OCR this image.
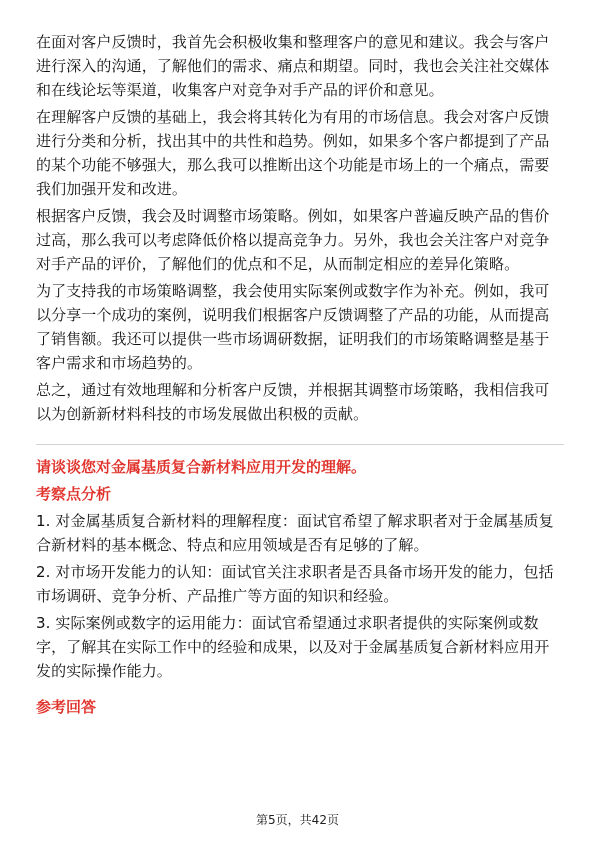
在面对客户反馈时，我首先会积极收集和整理客户的意见和建议。我会与客户进行深入的沟通，了解他们的需求、痛点和期望。同时，我也会关注社交媒体和在线论坛等渠道，收集客户对竞争对手产品的评价和意见。

在理解客户反馈的基础上，我会将其转化为有用的市场信息。我会对客户反馈进行分类和分析，找出其中的共性和趋势。例如，如果多个客户都提到了产品的某个功能不够强大，那么我可以推断出这个功能是市场上的一个痛点，需要我们加强开发和改进。

根据客户反馈，我会及时调整市场策略。例如，如果客户普遍反映产品的售价过高，那么我可以考虑降低价格以提高竞争力。另外，我也会关注客户对竞争对手产品的评价，了解他们的优点和不足，从而制定相应的差异化策略。

为了支持我的市场策略调整，我会使用实际案例或数字作为补充。例如，我可以分享一个成功的案例，说明我们根据客户反馈调整了产品的功能，从而提高了销售额。我还可以提供一些市场调研数据，证明我们的市场策略调整是基于客户需求和市场趋势的。

总之，通过有效地理解和分析客户反馈，并根据其调整市场策略，我相信我可以为创新新材料科技的市场发展做出积极的贡献。

请谈谈您对金属基质复合新材料应用开发的理解。

考察点分析

1. 对金属基质复合新材料的理解程度：面试官希望了解求职者对于金属基质复合新材料的基本概念、特点和应用领域是否有足够的了解。

2. 对市场开发能力的认知：面试官关注求职者是否具备市场开发的能力，包括市场调研、竞争分析、产品推广等方面的知识和经验。

3. 实际案例或数字的运用能力：面试官希望通过求职者提供的实际案例或数字，了解其在实际工作中的经验和成果，以及对于金属基质复合新材料应用开发的实际操作能力。

参考回答

第5页，共42页
